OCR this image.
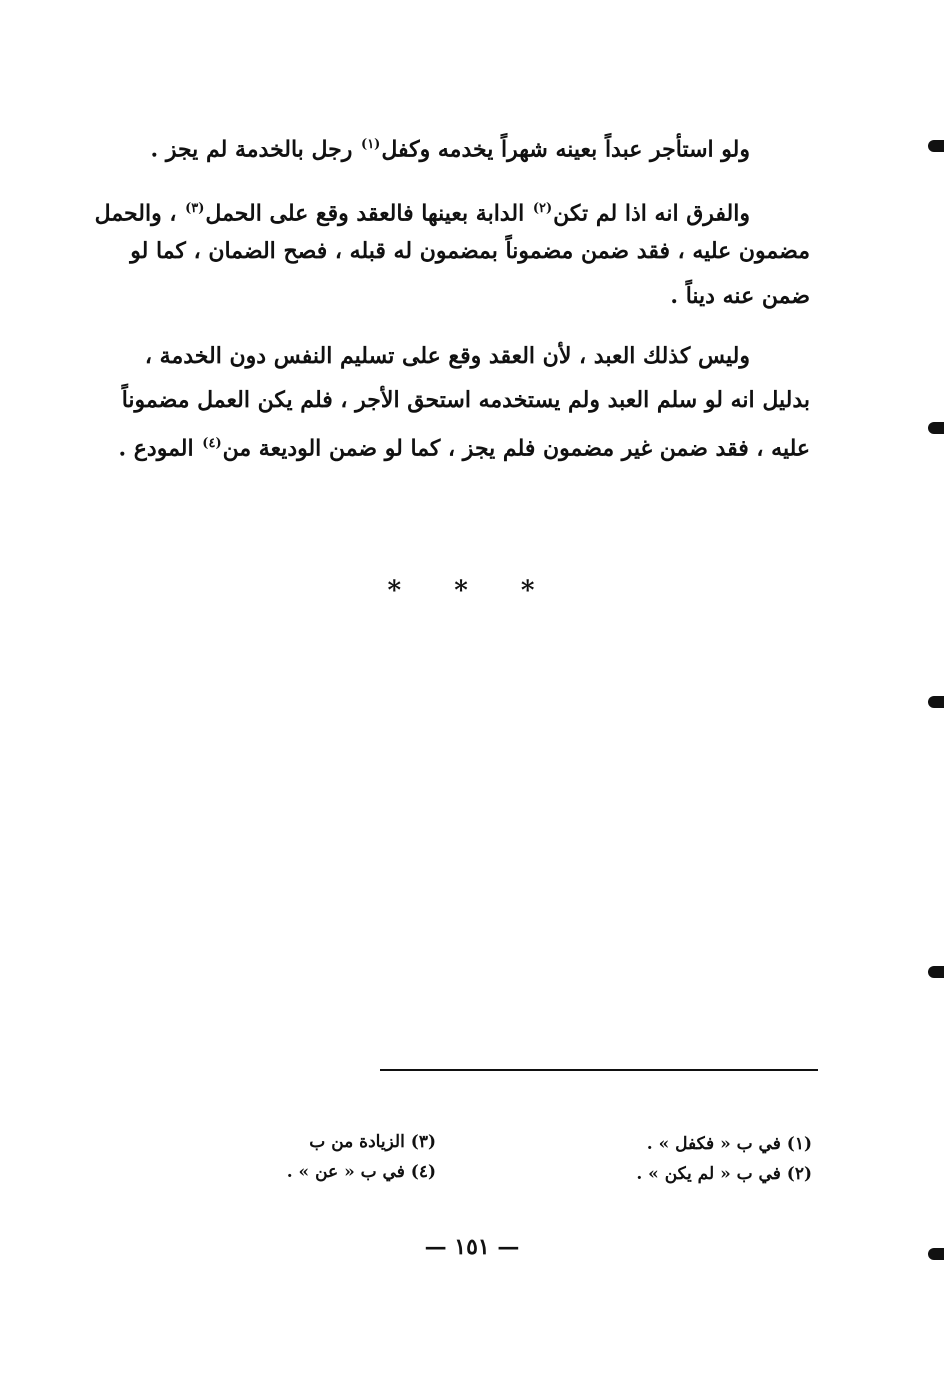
ولو استأجر عبداً بعينه شهراً يخدمه وكفل$^{(١)}$ رجل بالخدمة لم يجز .
والفرق انه اذا لم تكن$^{(٢)}$ الدابة بعينها فالعقد وقع على الحمل$^{(٣)}$ ، والحمل
مضمون عليه ، فقد ضمن مضموناً بمضمون له قبله ، فصح الضمان ، كما لو
ضمن عنه ديناً .
وليس كذلك العبد ، لأن العقد وقع على تسليم النفس دون الخدمة ،
بدليل انه لو سلم العبد ولم يستخدمه استحق الأجر ، فلم يكن العمل مضموناً
عليه ، فقد ضمن غير مضمون فلم يجز ، كما لو ضمن الوديعة من$^{(٤)}$ المودع .
* * *
(١) في ب « فكفل » .
(٢) في ب « لم يكن » .
(٣) الزيادة من ب
(٤) في ب « عن » .
— ١٥١ —
